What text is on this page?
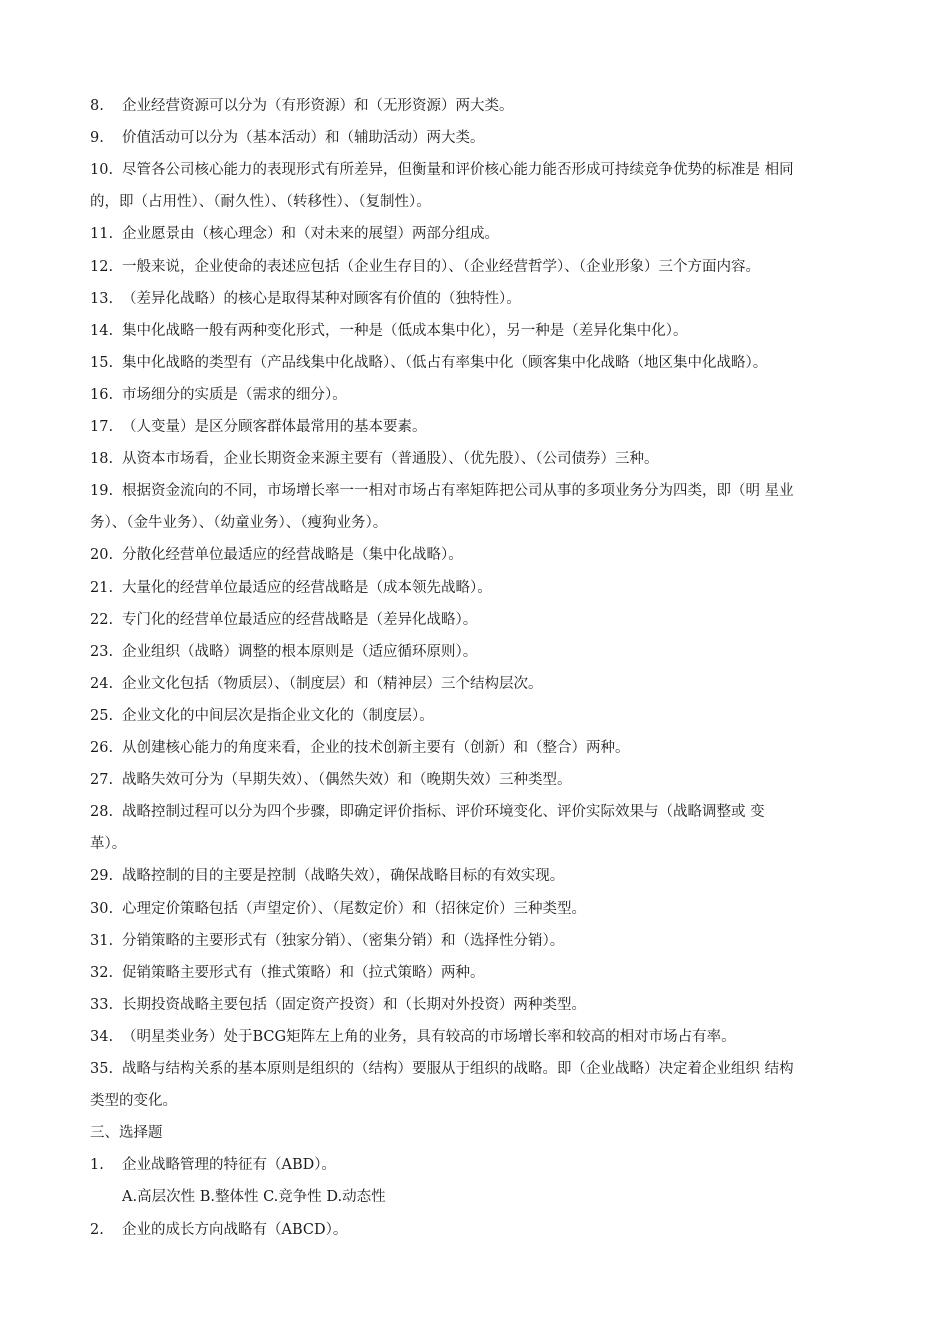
8. 企业经营资源可以分为（有形资源）和（无形资源）两大类。
9. 价值活动可以分为（基本活动）和（辅助活动）两大类。
10. 尽管各公司核心能力的表现形式有所差异，但衡量和评价核心能力能否形成可持续竞争优势的标准是 相同
的，即（占用性）、（耐久性）、（转移性）、（复制性）。
11. 企业愿景由（核心理念）和（对未来的展望）两部分组成。
12. 一般来说，企业使命的表述应包括（企业生存目的）、（企业经营哲学）、（企业形象）三个方面内容。
13. （差异化战略）的核心是取得某种对顾客有价值的（独特性）。
14. 集中化战略一般有两种变化形式，一种是（低成本集中化），另一种是（差异化集中化）。
15. 集中化战略的类型有（产品线集中化战略）、（低占有率集中化（顾客集中化战略（地区集中化战略）。
16. 市场细分的实质是（需求的细分）。
17. （人变量）是区分顾客群体最常用的基本要素。
18. 从资本市场看，企业长期资金来源主要有（普通股）、（优先股）、（公司债券）三种。
19. 根据资金流向的不同，市场增长率一一相对市场占有率矩阵把公司从事的多项业务分为四类，即（明 星业
务）、（金牛业务）、（幼童业务）、（瘦狗业务）。
20. 分散化经营单位最适应的经营战略是（集中化战略）。
21. 大量化的经营单位最适应的经营战略是（成本领先战略）。
22. 专门化的经营单位最适应的经营战略是（差异化战略）。
23. 企业组织（战略）调整的根本原则是（适应循环原则）。
24. 企业文化包括（物质层）、（制度层）和（精神层）三个结构层次。
25. 企业文化的中间层次是指企业文化的（制度层）。
26. 从创建核心能力的角度来看，企业的技术创新主要有（创新）和（整合）两种。
27. 战略失效可分为（早期失效）、（偶然失效）和（晚期失效）三种类型。
28. 战略控制过程可以分为四个步骤，即确定评价指标、评价环境变化、评价实际效果与（战略调整或 变
革）。
29. 战略控制的目的主要是控制（战略失效），确保战略目标的有效实现。
30. 心理定价策略包括（声望定价）、（尾数定价）和（招徕定价）三种类型。
31. 分销策略的主要形式有（独家分销）、（密集分销）和（选择性分销）。
32. 促销策略主要形式有（推式策略）和（拉式策略）两种。
33. 长期投资战略主要包括（固定资产投资）和（长期对外投资）两种类型。
34. （明星类业务）处于BCG矩阵左上角的业务，具有较高的市场增长率和较高的相对市场占有率。
35. 战略与结构关系的基本原则是组织的（结构）要服从于组织的战略。即（企业战略）决定着企业组织 结构
类型的变化。
三、选择题
1. 企业战略管理的特征有（ABD）。
A.高层次性 B.整体性 C.竞争性 D.动态性
2. 企业的成长方向战略有（ABCD）。
